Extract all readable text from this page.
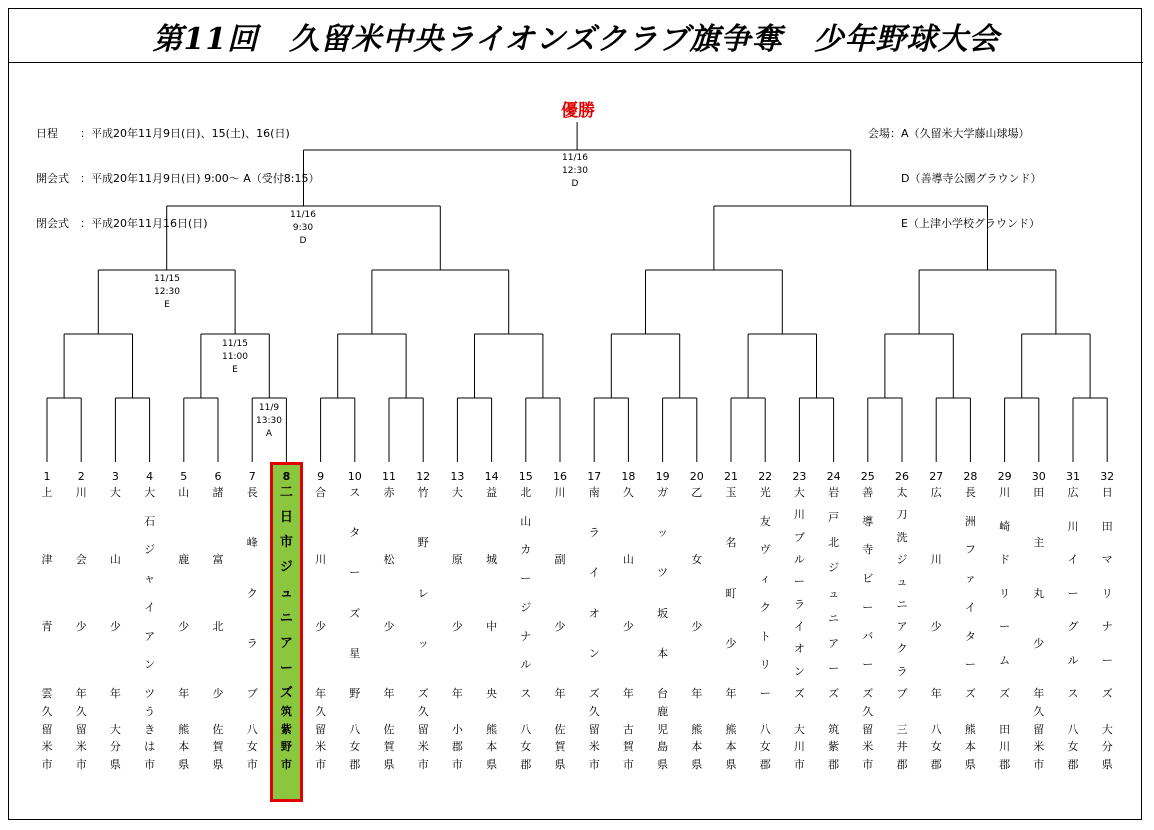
第11回　久留米中央ライオンズクラブ旗争奪　少年野球大会

日程　　：平成20年11月9日(日)、15(土)、16(日)

開会式　：平成20年11月9日(日) 9:00～ A（受付8:15）

閉会式　：平成20年11月16日(日)

会場：A（久留米大学藤山球場）

　　　D（善導寺公園グラウンド）

　　　E（上津小学校グラウンド）

優勝
11/16
12:30
D
11/16
9:30
D
11/15
12:30
E
11/15
11:00
E
11/9
13:30
A
1
上
津
青
雲
久
留
米
市
2
川
会
少
年
久
留
米
市
3
大
山
少
年

大
分
県
4
大
石
ジ
ャ
イ
ア
ン
ツ
う
き
は
市
5
山
鹿
少
年

熊
本
県
6
諸
富
北
少

佐
賀
県
7
長
峰
ク
ラ
ブ

八
女
市
8
二
日
市
ジ
ュ
ニ
ア
ー
ズ
筑
紫
野
市
9
合
川
少
年
久
留
米
市
10
ス
タ
ー
ズ
星
野

八
女
郡
11
赤
松
少
年

佐
賀
県
12
竹
野
レ
ッ
ズ
久
留
米
市
13
大
原
少
年

小
郡
市
14
益
城
中
央

熊
本
県
15
北
山
カ
ー
ジ
ナ
ル
ス

八
女
郡
16
川
副
少
年

佐
賀
県
17
南
ラ
イ
オ
ン
ズ
久
留
米
市
18
久
山
少
年

古
賀
市
19
ガ
ッ
ツ
坂
本
台
鹿
児
島
県
20
乙
女
少
年

熊
本
県
21
玉
名
町
少
年

熊
本
県
22
光
友
ヴ
ィ
ク
ト
リ
ー

八
女
郡
23
大
川
ブ
ル
ー
ラ
イ
オ
ン
ズ

大
川
市
24
岩
戸
北
ジ
ュ
ニ
ア
ー
ズ

筑
紫
郡
25
善
導
寺
ビ
ー
バ
ー
ズ
久
留
米
市
26
太
刀
洗
ジ
ュ
ニ
ア
ク
ラ
ブ

三
井
郡
27
広
川
少
年

八
女
郡
28
長
洲
フ
ァ
イ
タ
ー
ズ

熊
本
県
29
川
崎
ド
リ
ー
ム
ズ

田
川
郡
30
田
主
丸
少
年
久
留
米
市
31
広
川
イ
ー
グ
ル
ス

八
女
郡
32
日
田
マ
リ
ナ
ー
ズ

大
分
県
